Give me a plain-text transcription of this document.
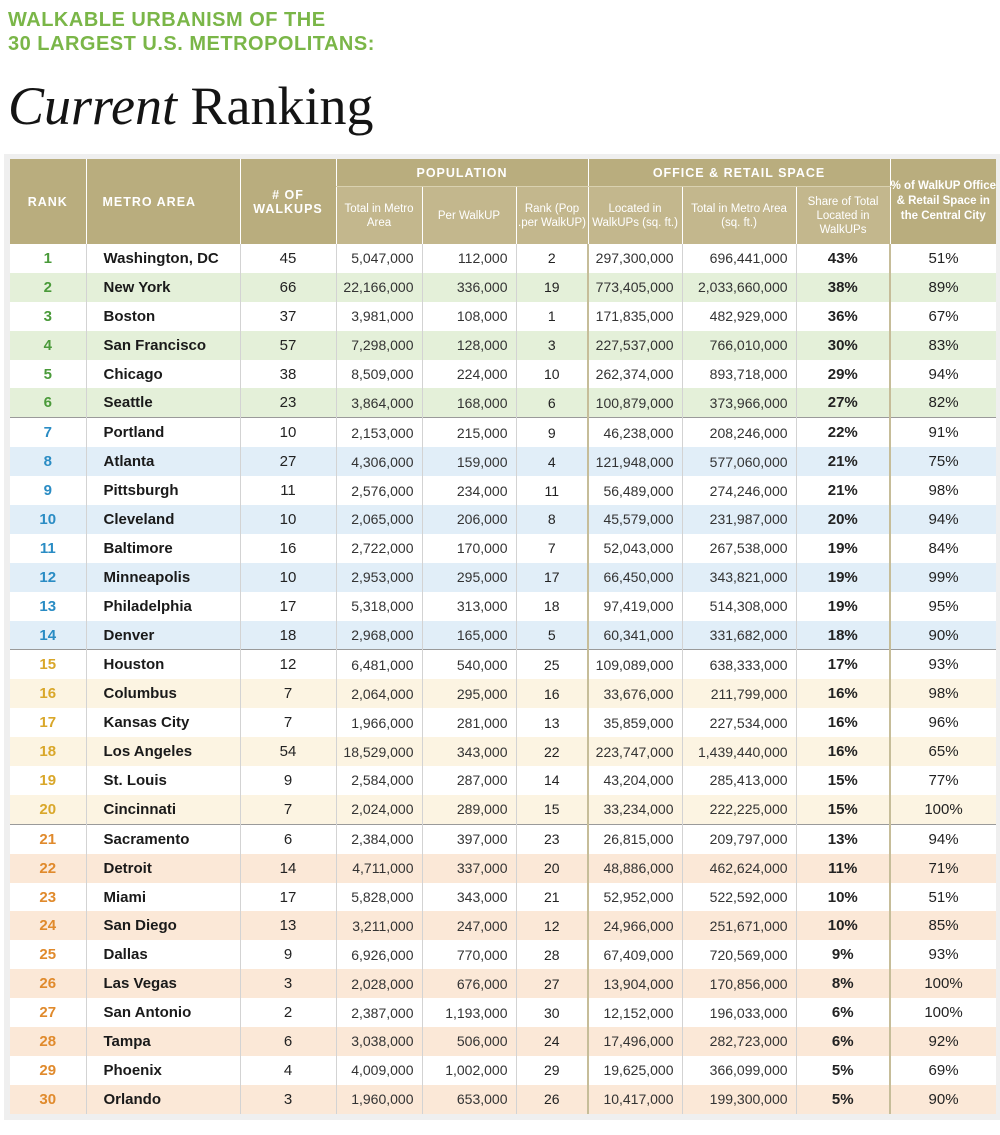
WALKABLE URBANISM OF THE
30 LARGEST U.S. METROPOLITANS:
Current Ranking
RANK	METRO AREA	# OF WALKUPS	POPULATION			OFFICE & RETAIL SPACE			% of WalkUP Office & Retail Space in the Central City
			Total in Metro Area	Per WalkUP	Rank (Pop .per WalkUP)	Located in WalkUPs (sq. ft.)	Total in Metro Area (sq. ft.)	Share of Total Located in WalkUPs	
1	Washington, DC	45	5,047,000	112,000	2	297,300,000	696,441,000	43%	51%
2	New York	66	22,166,000	336,000	19	773,405,000	2,033,660,000	38%	89%
3	Boston	37	3,981,000	108,000	1	171,835,000	482,929,000	36%	67%
4	San Francisco	57	7,298,000	128,000	3	227,537,000	766,010,000	30%	83%
5	Chicago	38	8,509,000	224,000	10	262,374,000	893,718,000	29%	94%
6	Seattle	23	3,864,000	168,000	6	100,879,000	373,966,000	27%	82%
7	Portland	10	2,153,000	215,000	9	46,238,000	208,246,000	22%	91%
8	Atlanta	27	4,306,000	159,000	4	121,948,000	577,060,000	21%	75%
9	Pittsburgh	11	2,576,000	234,000	11	56,489,000	274,246,000	21%	98%
10	Cleveland	10	2,065,000	206,000	8	45,579,000	231,987,000	20%	94%
11	Baltimore	16	2,722,000	170,000	7	52,043,000	267,538,000	19%	84%
12	Minneapolis	10	2,953,000	295,000	17	66,450,000	343,821,000	19%	99%
13	Philadelphia	17	5,318,000	313,000	18	97,419,000	514,308,000	19%	95%
14	Denver	18	2,968,000	165,000	5	60,341,000	331,682,000	18%	90%
15	Houston	12	6,481,000	540,000	25	109,089,000	638,333,000	17%	93%
16	Columbus	7	2,064,000	295,000	16	33,676,000	211,799,000	16%	98%
17	Kansas City	7	1,966,000	281,000	13	35,859,000	227,534,000	16%	96%
18	Los Angeles	54	18,529,000	343,000	22	223,747,000	1,439,440,000	16%	65%
19	St. Louis	9	2,584,000	287,000	14	43,204,000	285,413,000	15%	77%
20	Cincinnati	7	2,024,000	289,000	15	33,234,000	222,225,000	15%	100%
21	Sacramento	6	2,384,000	397,000	23	26,815,000	209,797,000	13%	94%
22	Detroit	14	4,711,000	337,000	20	48,886,000	462,624,000	11%	71%
23	Miami	17	5,828,000	343,000	21	52,952,000	522,592,000	10%	51%
24	San Diego	13	3,211,000	247,000	12	24,966,000	251,671,000	10%	85%
25	Dallas	9	6,926,000	770,000	28	67,409,000	720,569,000	9%	93%
26	Las Vegas	3	2,028,000	676,000	27	13,904,000	170,856,000	8%	100%
27	San Antonio	2	2,387,000	1,193,000	30	12,152,000	196,033,000	6%	100%
28	Tampa	6	3,038,000	506,000	24	17,496,000	282,723,000	6%	92%
29	Phoenix	4	4,009,000	1,002,000	29	19,625,000	366,099,000	5%	69%
30	Orlando	3	1,960,000	653,000	26	10,417,000	199,300,000	5%	90%
